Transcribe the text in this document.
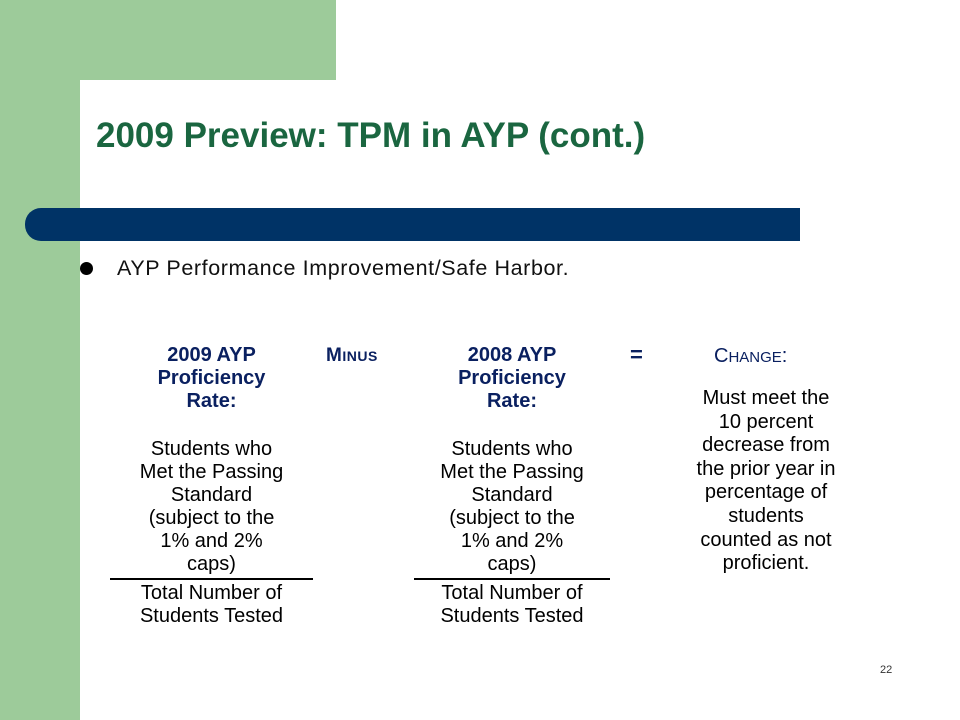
2009 Preview: TPM in AYP (cont.)
AYP Performance Improvement/Safe Harbor.
2009 AYP
Proficiency
Rate:
Students who
Met the Passing
Standard
(subject to the
1% and 2%
caps)
Total Number of
Students Tested
MINUS	2008 AYP
Proficiency
Rate:
Students who
Met the Passing
Standard
(subject to the
1% and 2%
caps)
Total Number of
Students Tested
=	CHANGE:
Must meet the
10 percent
decrease from
the prior year in
percentage of
students
counted as not
proficient.
22
